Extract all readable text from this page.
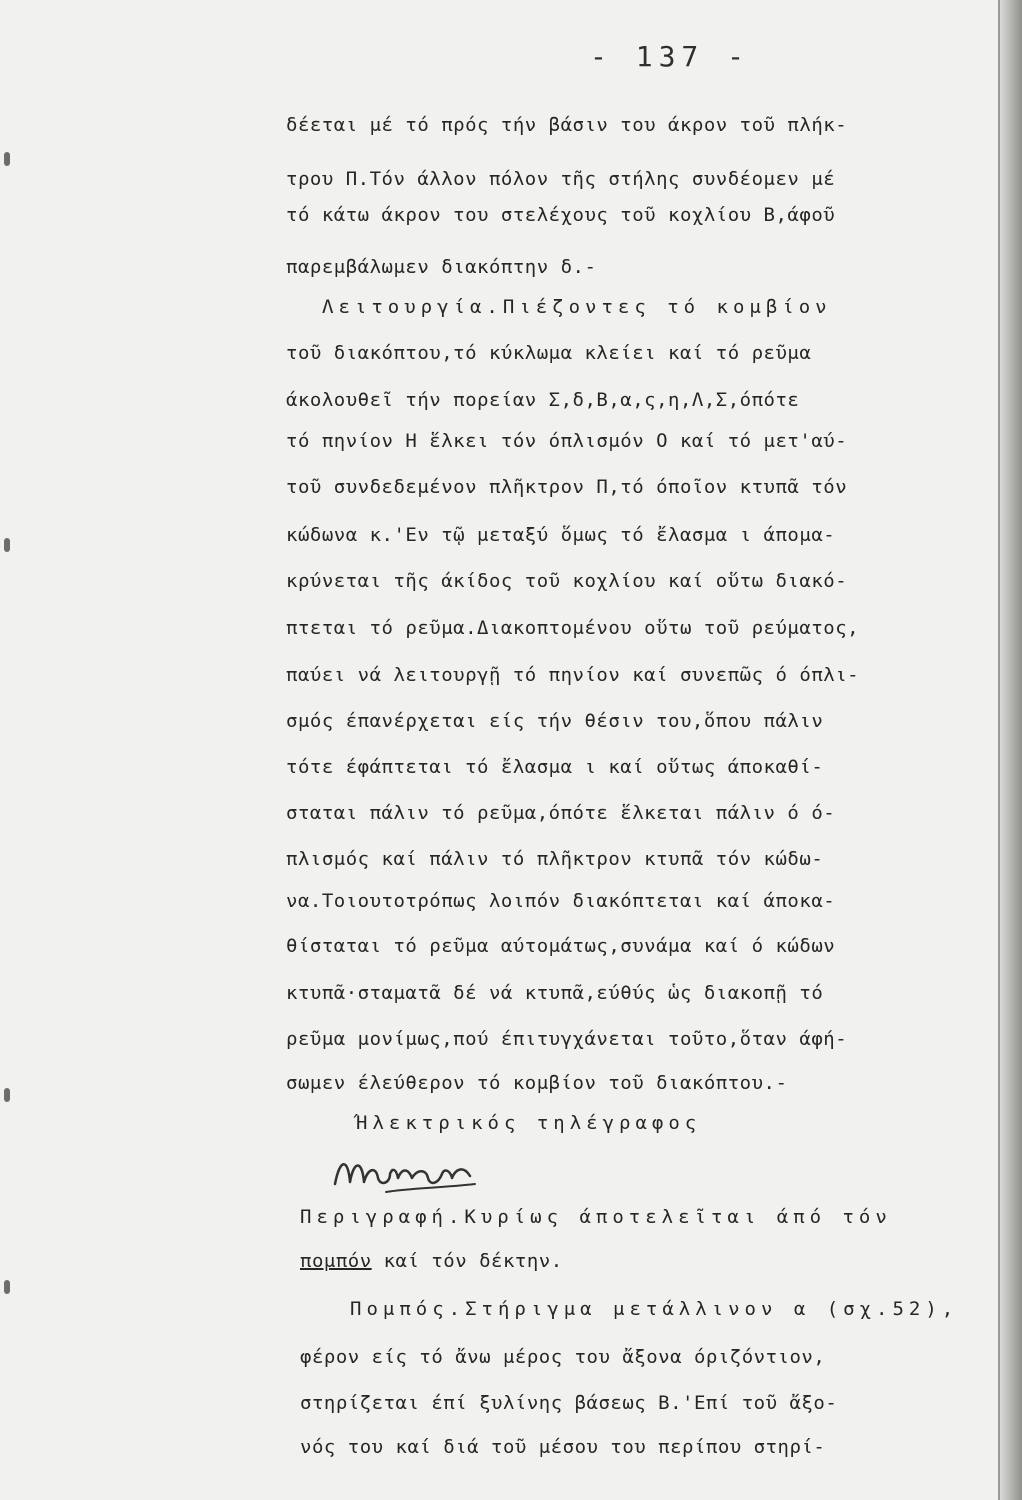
- 137 -
δέεται μέ τό πρός τήν βάσιν του άκρον τοῦ πλήκ-
τρου Π.Τόν άλλον πόλον τῆς στήλης συνδέομεν μέ
τό κάτω άκρον του στελέχους τοῦ κοχλίου Β,άφοῦ
παρεμβάλωμεν διακόπτην δ.-
Λειτουργία.Πιέζοντες τό κομβίον
τοῦ διακόπτου,τό κύκλωμα κλείει καί τό ρεῦμα
άκολουθεῖ τήν πορείαν Σ,δ,Β,α,ς,η,Λ,Σ,όπότε
τό πηνίον Η ἕλκει τόν όπλισμόν Ο καί τό μετ'αύ-
τοῦ συνδεδεμένον πλῆκτρον Π,τό όποῖον κτυπᾶ τόν
κώδωνα κ.'Εν τῷ μεταξύ ὅμως τό ἔλασμα ι άπομα-
κρύνεται τῆς άκίδος τοῦ κοχλίου καί οὕτω διακό-
πτεται τό ρεῦμα.Διακοπτομένου οὕτω τοῦ ρεύματος,
παύει νά λειτουργῇ τό πηνίον καί συνεπῶς ό όπλι-
σμός έπανέρχεται είς τήν θέσιν του,ὅπου πάλιν
τότε έφάπτεται τό ἔλασμα ι καί οὕτως άποκαθί-
σταται πάλιν τό ρεῦμα,όπότε ἕλκεται πάλιν ό ό-
πλισμός καί πάλιν τό πλῆκτρον κτυπᾶ τόν κώδω-
να.Τοιουτοτρόπως λοιπόν διακόπτεται καί άποκα-
θίσταται τό ρεῦμα αύτομάτως,συνάμα καί ό κώδων
κτυπᾶ·σταματᾶ δέ νά κτυπᾶ,εύθύς ὡς διακοπῇ τό
ρεῦμα μονίμως,πού έπιτυγχάνεται τοῦτο,ὅταν άφή-
σωμεν έλεύθερον τό κομβίον τοῦ διακόπτου.-
Ήλεκτρικός τηλέγραφος
Περιγραφή.Κυρίως άποτελεῖται άπό τόν
πομπόν καί τόν δέκτην.
Πομπός.Στήριγμα μετάλλινον α (σχ.52),
φέρον είς τό ἄνω μέρος του ἄξονα όριζόντιον,
στηρίζεται έπί ξυλίνης βάσεως Β.'Επί τοῦ ἄξο-
νός του καί διά τοῦ μέσου του περίπου στηρί-
